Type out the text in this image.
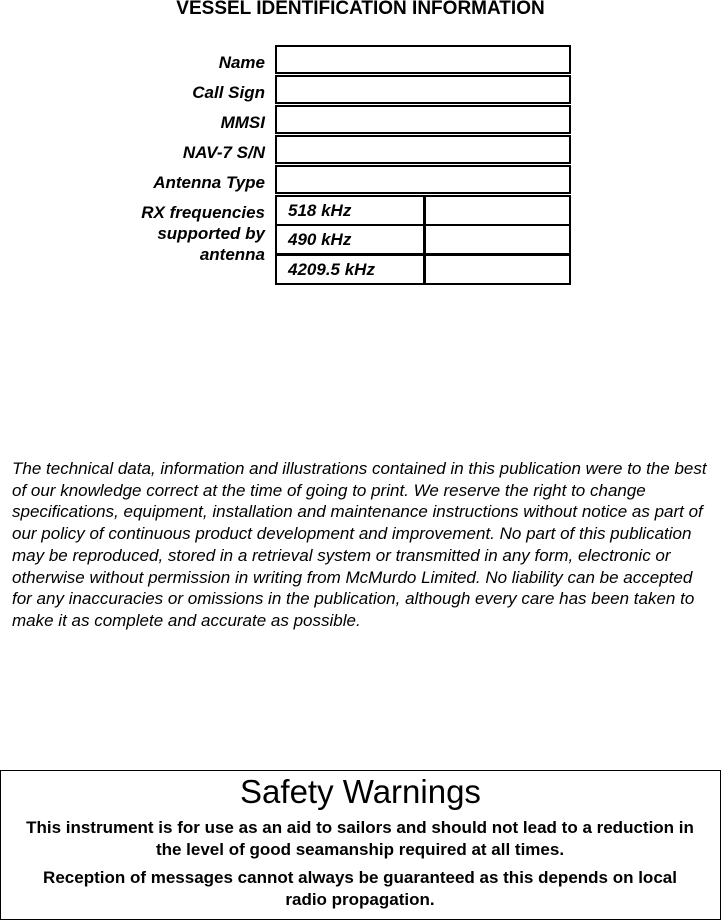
VESSEL IDENTIFICATION INFORMATION
Name
Call Sign
MMSI
NAV-7 S/N
Antenna Type
RX frequencies supported by antenna
518 kHz
490 kHz
4209.5 kHz
The technical data, information and illustrations contained in this publication were to the best of our knowledge correct at the time of going to print. We reserve the right to change specifications, equipment, installation and maintenance instructions without notice as part of our policy of continuous product development and improvement. No part of this publication may be reproduced, stored in a retrieval system or transmitted in any form, electronic or otherwise without permission in writing from McMurdo Limited. No liability can be accepted for any inaccuracies or omissions in the publication, although every care has been taken to make it as complete and accurate as possible.
Safety Warnings
This instrument is for use as an aid to sailors and should not lead to a reduction in the level of good seamanship required at all times.
Reception of messages cannot always be guaranteed as this depends on local radio propagation.
